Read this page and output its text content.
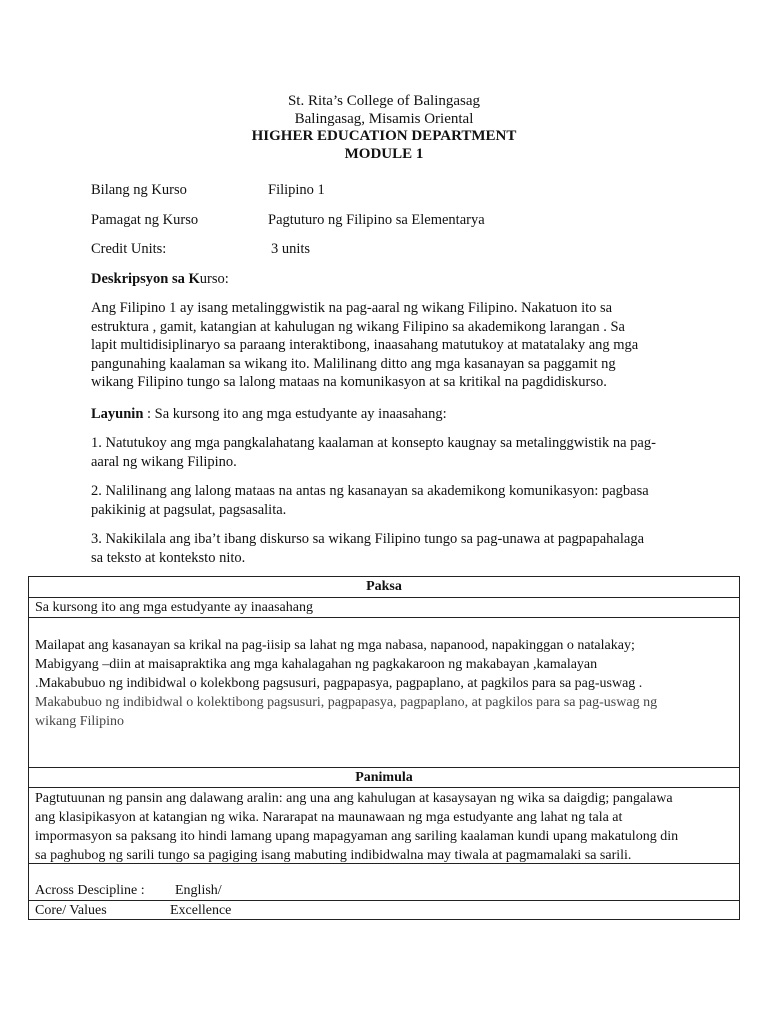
St. Rita’s College of Balingasag
Balingasag, Misamis Oriental
HIGHER EDUCATION DEPARTMENT
MODULE 1
Bilang ng Kurso	Filipino 1
Pamagat ng Kurso	Pagtuturo ng Filipino sa Elementarya
Credit Units:	3 units
Deskripsyon sa Kurso:
Ang Filipino 1 ay isang metalinggwistik na pag-aaral ng wikang Filipino. Nakatuon ito sa
estruktura , gamit, katangian at kahulugan ng wikang Filipino sa akademikong larangan . Sa
lapit multidisiplinaryo sa paraang interaktibong, inaasahang matutukoy at matatalaky ang mga
pangunahing kaalaman sa wikang ito. Malilinang ditto ang mga kasanayan sa paggamit ng
wikang Filipino tungo sa lalong mataas na komunikasyon at sa kritikal na pagdidiskurso.
Layunin : Sa kursong ito ang mga estudyante ay inaasahang:
1. Natutukoy ang mga pangkalahatang kaalaman at konsepto kaugnay sa metalinggwistik na pag-
aaral ng wikang Filipino.
2. Nalilinang ang lalong mataas na antas ng kasanayan sa akademikong komunikasyon: pagbasa
pakikinig at pagsulat, pagsasalita.
3. Nakikilala ang iba’t ibang diskurso sa wikang Filipino tungo sa pag-unawa at pagpapahalaga
sa teksto at konteksto nito.
Paksa
Sa kursong ito ang mga estudyante ay inaasahang
Mailapat ang kasanayan sa krikal na pag-iisip sa lahat ng mga nabasa, napanood, napakinggan o natalakay;
Mabigyang –diin at maisapraktika ang mga kahalagahan ng pagkakaroon ng makabayan ,kamalayan
.Makabubuo ng indibidwal o kolekbong pagsusuri, pagpapasya, pagpaplano, at pagkilos para sa pag-uswag .
Makabubuo ng indibidwal o kolektibong pagsusuri, pagpapasya, pagpaplano, at pagkilos para sa pag-uswag ng
wikang Filipino
Panimula
Pagtutuunan ng pansin ang dalawang aralin: ang una ang kahulugan at kasaysayan ng wika sa daigdig; pangalawa
ang klasipikasyon at katangian ng wika. Nararapat na maunawaan ng mga estudyante ang lahat ng tala at
impormasyon sa paksang ito hindi lamang upang mapagyaman ang sariling kaalaman kundi upang makatulong din
sa paghubog ng sarili tungo sa pagiging isang mabuting indibidwalna may tiwala at pagmamalaki sa sarili.
Across Descipline : English/
Core/ Values	Excellence
